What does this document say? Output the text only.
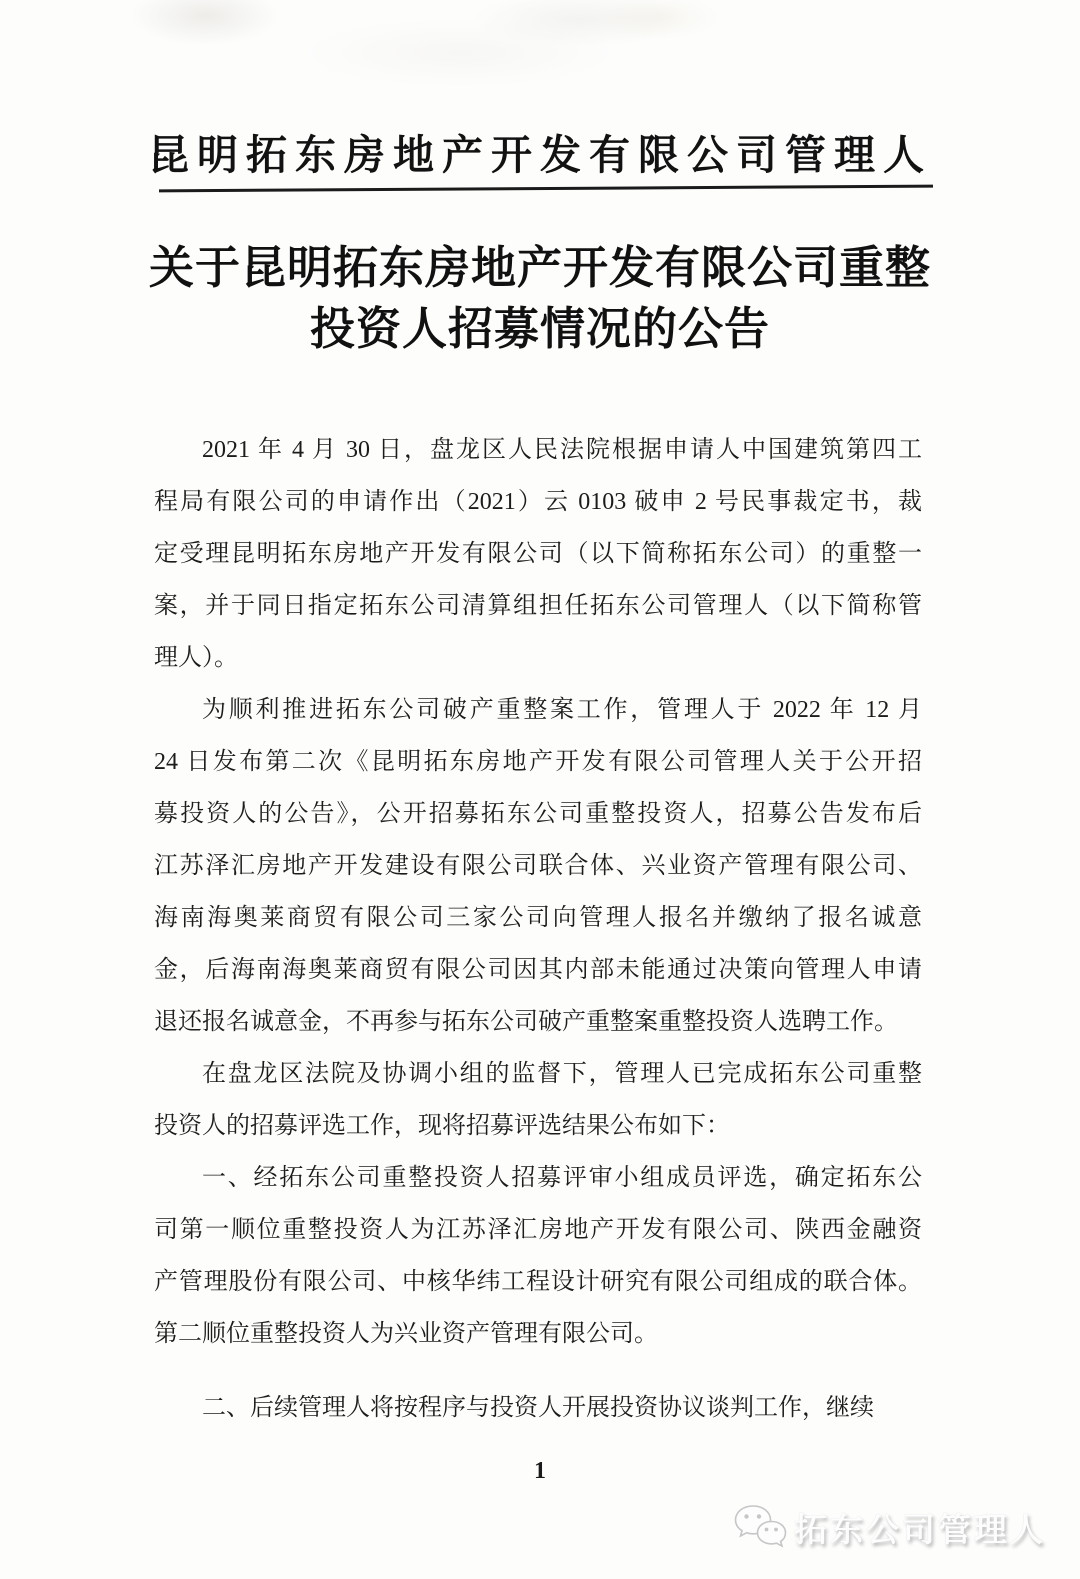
昆明拓东房地产开发有限公司管理人
关于昆明拓东房地产开发有限公司重整
投资人招募情况的公告
2021 年 4 月 30 日，盘龙区人民法院根据申请人中国建筑第四工
程局有限公司的申请作出（2021）云 0103 破申 2 号民事裁定书，裁
定受理昆明拓东房地产开发有限公司（以下简称拓东公司）的重整一
案，并于同日指定拓东公司清算组担任拓东公司管理人（以下简称管
理人）。
为顺利推进拓东公司破产重整案工作，管理人于 2022 年 12 月
24 日发布第二次《昆明拓东房地产开发有限公司管理人关于公开招
募投资人的公告》，公开招募拓东公司重整投资人，招募公告发布后
江苏泽汇房地产开发建设有限公司联合体、兴业资产管理有限公司、
海南海奥莱商贸有限公司三家公司向管理人报名并缴纳了报名诚意
金，后海南海奥莱商贸有限公司因其内部未能通过决策向管理人申请
退还报名诚意金，不再参与拓东公司破产重整案重整投资人选聘工作。
在盘龙区法院及协调小组的监督下，管理人已完成拓东公司重整
投资人的招募评选工作，现将招募评选结果公布如下：
一、经拓东公司重整投资人招募评审小组成员评选，确定拓东公
司第一顺位重整投资人为江苏泽汇房地产开发有限公司、陕西金融资
产管理股份有限公司、中核华纬工程设计研究有限公司组成的联合体。
第二顺位重整投资人为兴业资产管理有限公司。
二、后续管理人将按程序与投资人开展投资协议谈判工作，继续
1
拓东公司管理人
